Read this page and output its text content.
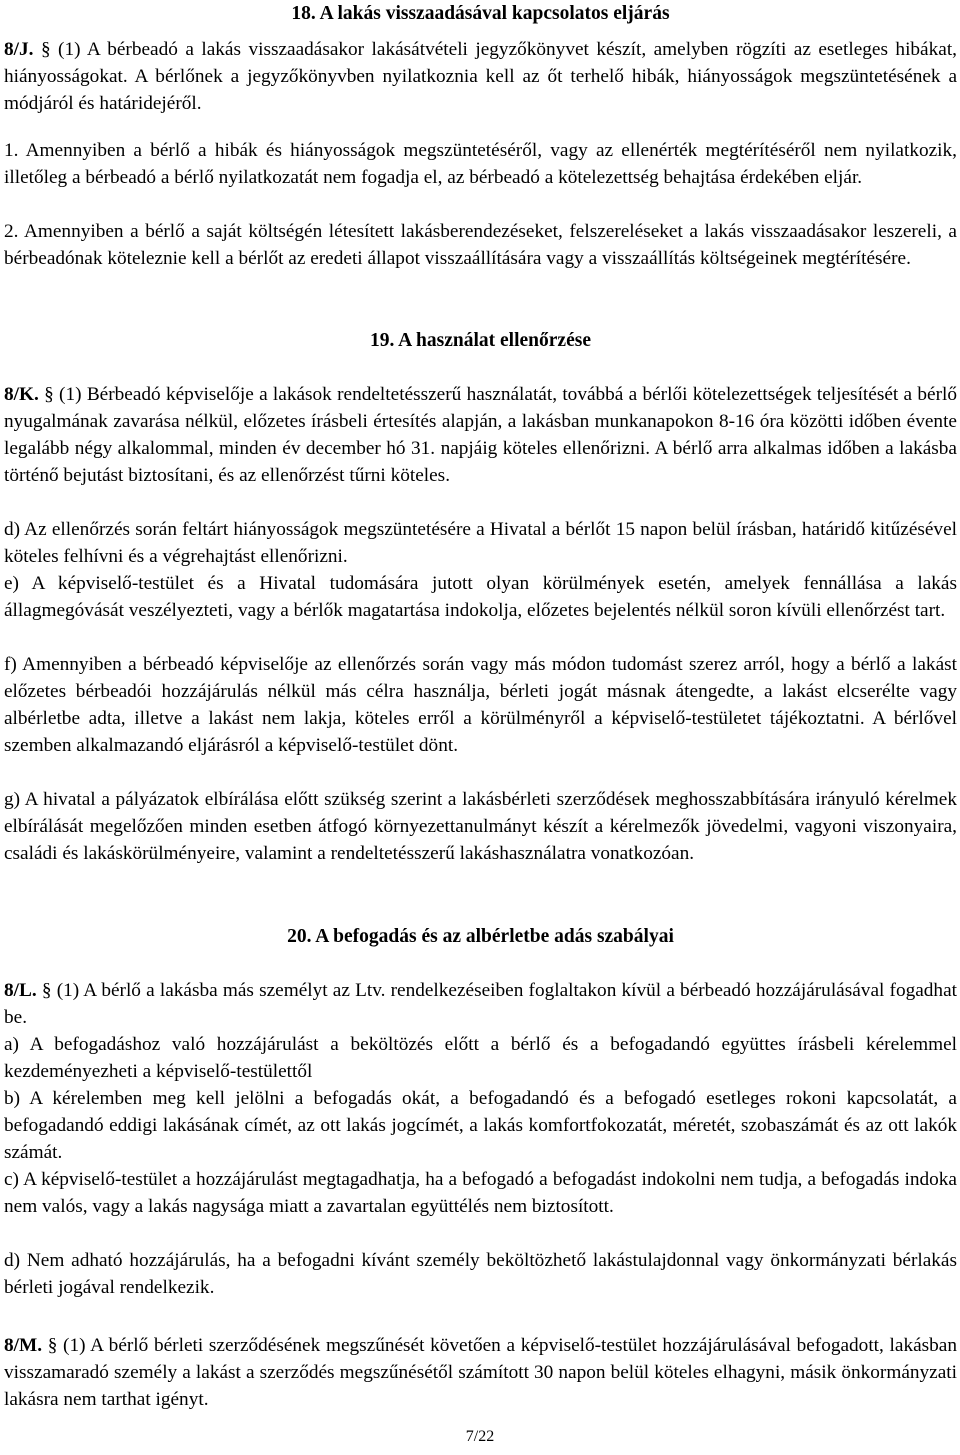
18. A lakás visszaadásával kapcsolatos eljárás

8/J. § (1) A bérbeadó a lakás visszaadásakor lakásátvételi jegyzőkönyvet készít, amelyben rögzíti az esetleges hibákat, hiányosságokat. A bérlőnek a jegyzőkönyvben nyilatkoznia kell az őt terhelő hibák, hiányosságok megszüntetésének a módjáról és határidejéről.

1. Amennyiben a bérlő a hibák és hiányosságok megszüntetéséről, vagy az ellenérték megtérítéséről nem nyilatkozik, illetőleg a bérbeadó a bérlő nyilatkozatát nem fogadja el, az bérbeadó a kötelezettség behajtása érdekében eljár.

2. Amennyiben a bérlő a saját költségén létesített lakásberendezéseket, felszereléseket a lakás visszaadásakor leszereli, a bérbeadónak köteleznie kell a bérlőt az eredeti állapot visszaállítására vagy a visszaállítás költségeinek megtérítésére.

19. A használat ellenőrzése

8/K. § (1) Bérbeadó képviselője a lakások rendeltetésszerű használatát, továbbá a bérlői kötelezettségek teljesítését a bérlő nyugalmának zavarása nélkül, előzetes írásbeli értesítés alapján, a lakásban munkanapokon 8-16 óra közötti időben évente legalább négy alkalommal, minden év december hó 31. napjáig köteles ellenőrizni. A bérlő arra alkalmas időben a lakásba történő bejutást biztosítani, és az ellenőrzést tűrni köteles.

d) Az ellenőrzés során feltárt hiányosságok megszüntetésére a Hivatal a bérlőt 15 napon belül írásban, határidő kitűzésével köteles felhívni és a végrehajtást ellenőrizni.

e) A képviselő-testület és a Hivatal tudomására jutott olyan körülmények esetén, amelyek fennállása a lakás állagmegóvását veszélyezteti, vagy a bérlők magatartása indokolja, előzetes bejelentés nélkül soron kívüli ellenőrzést tart.

f) Amennyiben a bérbeadó képviselője az ellenőrzés során vagy más módon tudomást szerez arról, hogy a bérlő a lakást előzetes bérbeadói hozzájárulás nélkül más célra használja, bérleti jogát másnak átengedte, a lakást elcserélte vagy albérletbe adta, illetve a lakást nem lakja, köteles erről a körülményről a képviselő-testületet tájékoztatni. A bérlővel szemben alkalmazandó eljárásról a képviselő-testület dönt.

g) A hivatal a pályázatok elbírálása előtt szükség szerint a lakásbérleti szerződések meghosszabbítására irányuló kérelmek elbírálását megelőzően minden esetben átfogó környezettanulmányt készít a kérelmezők jövedelmi, vagyoni viszonyaira, családi és lakáskörülményeire, valamint a rendeltetésszerű lakáshasználatra vonatkozóan.

20. A befogadás és az albérletbe adás szabályai

8/L. § (1) A bérlő a lakásba más személyt az Ltv. rendelkezéseiben foglaltakon kívül a bérbeadó hozzájárulásával fogadhat be.

a) A befogadáshoz való hozzájárulást a beköltözés előtt a bérlő és a befogadandó együttes írásbeli kérelemmel kezdeményezheti a képviselő-testülettől

b) A kérelemben meg kell jelölni a befogadás okát, a befogadandó és a befogadó esetleges rokoni kapcsolatát, a befogadandó eddigi lakásának címét, az ott lakás jogcímét, a lakás komfortfokozatát, méretét, szobaszámát és az ott lakók számát.

c) A képviselő-testület a hozzájárulást megtagadhatja, ha a befogadó a befogadást indokolni nem tudja, a befogadás indoka nem valós, vagy a lakás nagysága miatt a zavartalan együttélés nem biztosított.

d) Nem adható hozzájárulás, ha a befogadni kívánt személy beköltözhető lakástulajdonnal vagy önkormányzati bérlakás bérleti jogával rendelkezik.

8/M. § (1) A bérlő bérleti szerződésének megszűnését követően a képviselő-testület hozzájárulásával befogadott, lakásban visszamaradó személy a lakást a szerződés megszűnésétől számított 30 napon belül köteles elhagyni, másik önkormányzati lakásra nem tarthat igényt.

7/22
